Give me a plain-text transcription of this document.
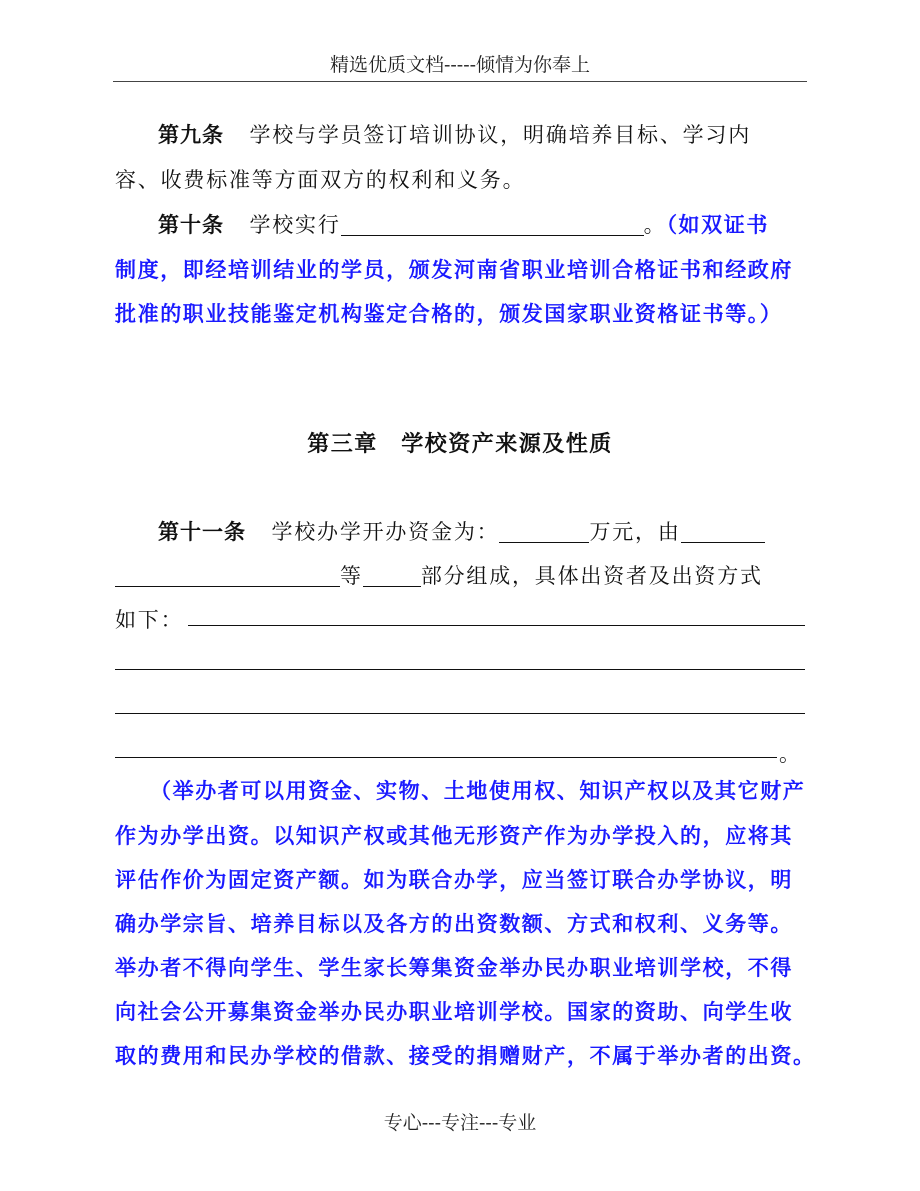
精选优质文档-----倾情为你奉上
第九条 学校与学员签订培训协议，明确培养目标、学习内
容、收费标准等方面双方的权利和义务。
第十条 学校实行	。（如双证书
制度，即经培训结业的学员，颁发河南省职业培训合格证书和经政府
批准的职业技能鉴定机构鉴定合格的，颁发国家职业资格证书等。）
第三章　学校资产来源及性质
第十一条 学校办学开办资金为：	万元，由
等	部分组成，具体出资者及出资方式
如下：
。
（举办者可以用资金、实物、土地使用权、知识产权以及其它财产
作为办学出资。以知识产权或其他无形资产作为办学投入的，应将其
评估作价为固定资产额。如为联合办学，应当签订联合办学协议，明
确办学宗旨、培养目标以及各方的出资数额、方式和权利、义务等。
举办者不得向学生、学生家长筹集资金举办民办职业培训学校，不得
向社会公开募集资金举办民办职业培训学校。国家的资助、向学生收
取的费用和民办学校的借款、接受的捐赠财产，不属于举办者的出资。
专心---专注---专业
